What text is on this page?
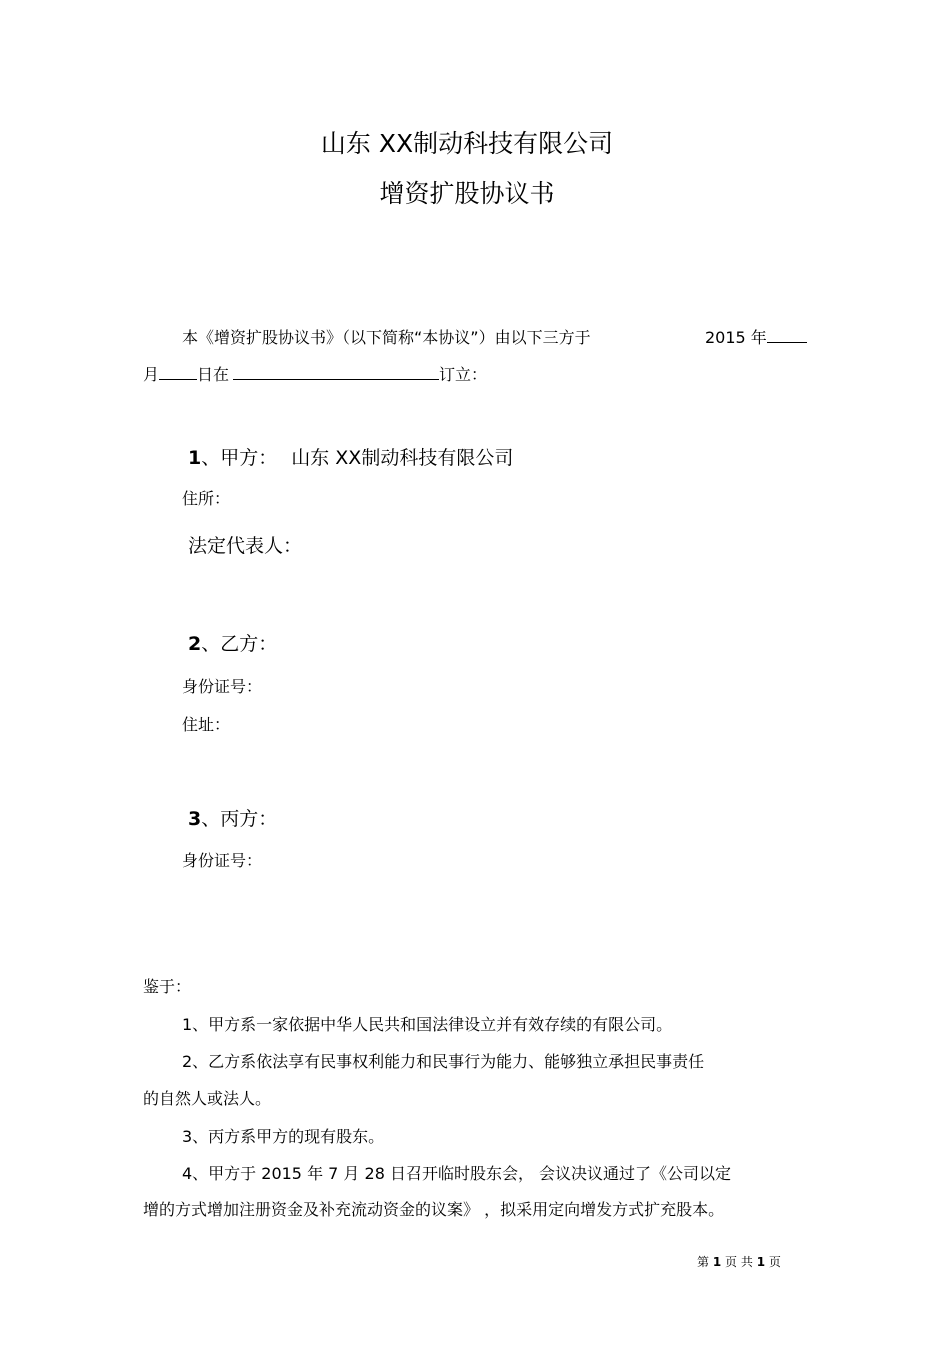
山东 XX制动科技有限公司
增资扩股协议书
本《增资扩股协议书》（以下简称“本协议”）由以下三方于	2015 年
月 日在	订立：
1、甲方： 山东 XX制动科技有限公司
住所：
法定代表人：
2、乙方：
身份证号：
住址：
3、丙方：
身份证号：
鉴于：
1、甲方系一家依据中华人民共和国法律设立并有效存续的有限公司。
2、乙方系依法享有民事权利能力和民事行为能力、能够独立承担民事责任
的自然人或法人。
3、丙方系甲方的现有股东。
4、甲方于 2015 年 7 月 28 日召开临时股东会， 会议决议通过了《公司以定
增的方式增加注册资金及补充流动资金的议案》 ，拟采用定向增发方式扩充股本。
第 1 页 共 1 页
